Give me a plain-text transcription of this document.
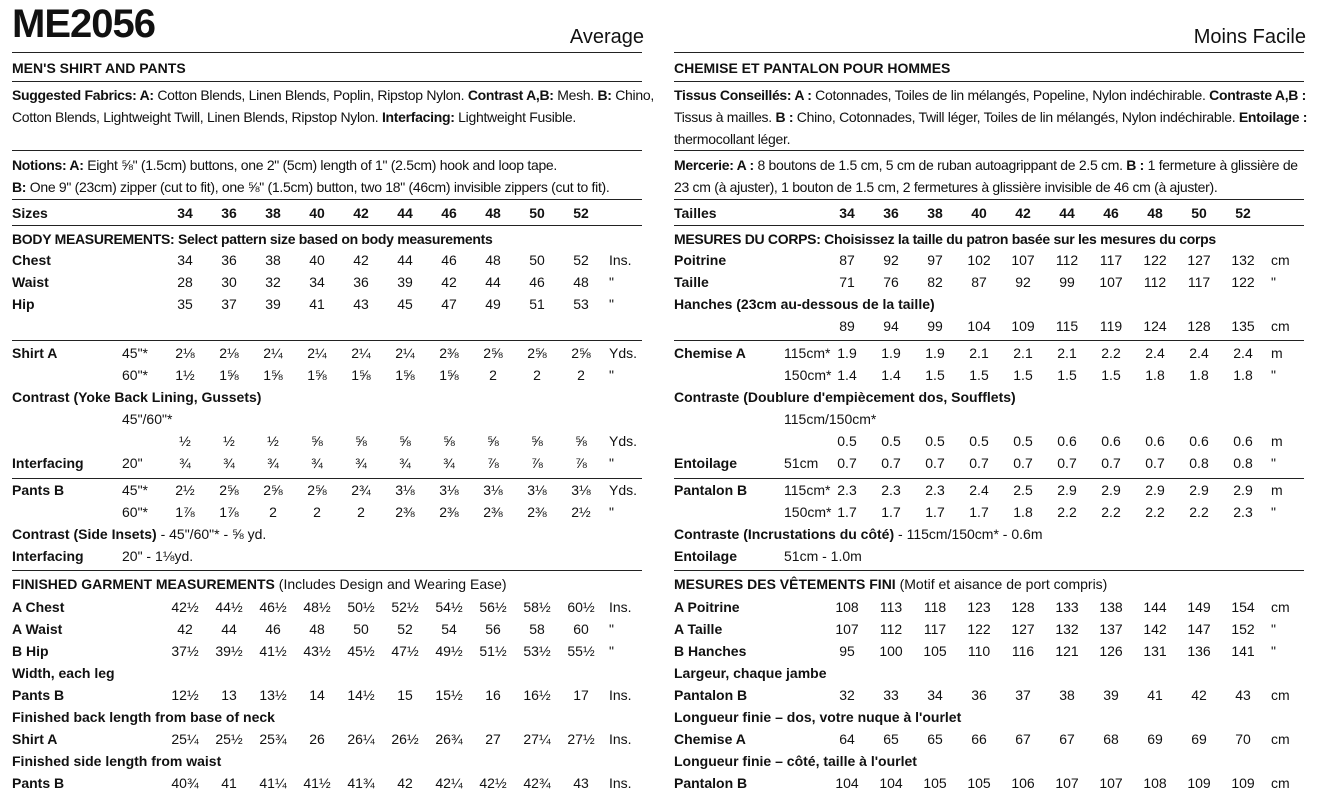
ME2056	Average
MEN'S SHIRT AND PANTS
Suggested Fabrics: A: Cotton Blends, Linen Blends, Poplin, Ripstop Nylon. Contrast A,B: Mesh. B: Chino,
Cotton Blends, Lightweight Twill, Linen Blends, Ripstop Nylon. Interfacing: Lightweight Fusible.
Notions: A: Eight ⅝" (1.5cm) buttons, one 2" (5cm) length of 1" (2.5cm) hook and loop tape.
B: One 9" (23cm) zipper (cut to fit), one ⅝" (1.5cm) button, two 18" (46cm) invisible zippers (cut to fit).
Sizes	34	36	38	40	42	44	46	48	50	52
BODY MEASUREMENTS: Select pattern size based on body measurements
Chest	34	36	38	40	42	44	46	48	50	52	Ins.
Waist	28	30	32	34	36	39	42	44	46	48	"
Hip	35	37	39	41	43	45	47	49	51	53	"
Shirt A	45"*	2⅛	2⅛	2¼	2¼	2¼	2¼	2⅜	2⅝	2⅝	2⅝	Yds.
60"*	1½	1⅝	1⅝	1⅝	1⅝	1⅝	1⅝	2	2	2	"
Contrast (Yoke Back Lining, Gussets)
45"/60"*
½	½	½	⅝	⅝	⅝	⅝	⅝	⅝	⅝	Yds.
Interfacing	20"	¾	¾	¾	¾	¾	¾	¾	⅞	⅞	⅞	"
Pants B	45"*	2½	2⅝	2⅝	2⅝	2¾	3⅛	3⅛	3⅛	3⅛	3⅛	Yds.
60"*	1⅞	1⅞	2	2	2	2⅜	2⅜	2⅜	2⅜	2½	"
Contrast (Side Insets) - 45"/60"* - ⅝ yd.
Interfacing	20" - 1⅛yd.
FINISHED GARMENT MEASUREMENTS (Includes Design and Wearing Ease)
A Chest	42½	44½	46½	48½	50½	52½	54½	56½	58½	60½	Ins.
A Waist	42	44	46	48	50	52	54	56	58	60	"
B Hip	37½	39½	41½	43½	45½	47½	49½	51½	53½	55½	"
Width, each leg
Pants B	12½	13	13½	14	14½	15	15½	16	16½	17	Ins.
Finished back length from base of neck
Shirt A	25¼	25½	25¾	26	26¼	26½	26¾	27	27¼	27½	Ins.
Finished side length from waist
Pants B	40¾	41	41¼	41½	41¾	42	42¼	42½	42¾	43	Ins.
Moins Facile
CHEMISE ET PANTALON POUR HOMMES
Tissus Conseillés: A : Cotonnades, Toiles de lin mélangés, Popeline, Nylon indéchirable. Contraste A,B :
Tissus à mailles. B : Chino, Cotonnades, Twill léger, Toiles de lin mélangés, Nylon indéchirable. Entoilage :
thermocollant léger.
Mercerie: A : 8 boutons de 1.5 cm, 5 cm de ruban autoagrippant de 2.5 cm. B : 1 fermeture à glissière de
23 cm (à ajuster), 1 bouton de 1.5 cm, 2 fermetures à glissière invisible de 46 cm (à ajuster).
Tailles	34	36	38	40	42	44	46	48	50	52
MESURES DU CORPS: Choisissez la taille du patron basée sur les mesures du corps
Poitrine	87	92	97	102	107	112	117	122	127	132	cm
Taille	71	76	82	87	92	99	107	112	117	122	"
Hanches (23cm au-dessous de la taille)
89	94	99	104	109	115	119	124	128	135	cm
Chemise A	115cm* 1.9	1.9	1.9	2.1	2.1	2.1	2.2	2.4	2.4	2.4	m
150cm* 1.4	1.4	1.5	1.5	1.5	1.5	1.5	1.8	1.8	1.8	"
Contraste (Doublure d'empiècement dos, Soufflets)
115cm/150cm*
0.5	0.5	0.5	0.5	0.5	0.6	0.6	0.6	0.6	0.6	m
Entoilage	51cm	0.7	0.7	0.7	0.7	0.7	0.7	0.7	0.7	0.8	0.8	"
Pantalon B	115cm* 2.3	2.3	2.3	2.4	2.5	2.9	2.9	2.9	2.9	2.9	m
150cm* 1.7	1.7	1.7	1.7	1.8	2.2	2.2	2.2	2.2	2.3	"
Contraste (Incrustations du côté) - 115cm/150cm* - 0.6m
Entoilage	51cm - 1.0m
MESURES DES VÊTEMENTS FINI (Motif et aisance de port compris)
A Poitrine	108	113	118	123	128	133	138	144	149	154	cm
A Taille	107	112	117	122	127	132	137	142	147	152	"
B Hanches	95	100	105	110	116	121	126	131	136	141	"
Largeur, chaque jambe
Pantalon B	32	33	34	36	37	38	39	41	42	43	cm
Longueur finie – dos, votre nuque à l'ourlet
Chemise A	64	65	65	66	67	67	68	69	69	70	cm
Longueur finie – côté, taille à l'ourlet
Pantalon B	104	104	105	105	106	107	107	108	109	109	cm
